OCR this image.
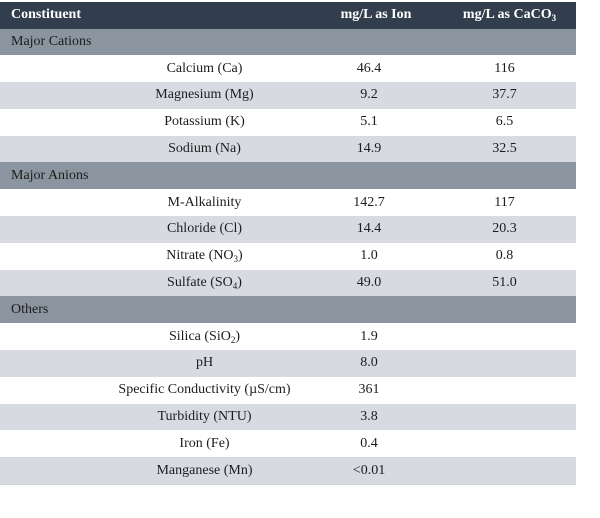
Constituent	mg/L as Ion	mg/L as CaCO$_3$
Major Cations
Calcium (Ca)	46.4	116
Magnesium (Mg)	9.2	37.7
Potassium (K)	5.1	6.5
Sodium (Na)	14.9	32.5
Major Anions
M-Alkalinity	142.7	117
Chloride (Cl)	14.4	20.3
Nitrate $(NO_3)$	1.0	0.8
Sulfate $(SO_4)$	49.0	51.0
Others
Silica (SiO$_2$)	1.9
pH	8.0
Specific Conductivity (µS/cm)	361
Turbidity (NTU)	3.8
Iron (Fe)	0.4
Manganese (Mn)	<0.01
